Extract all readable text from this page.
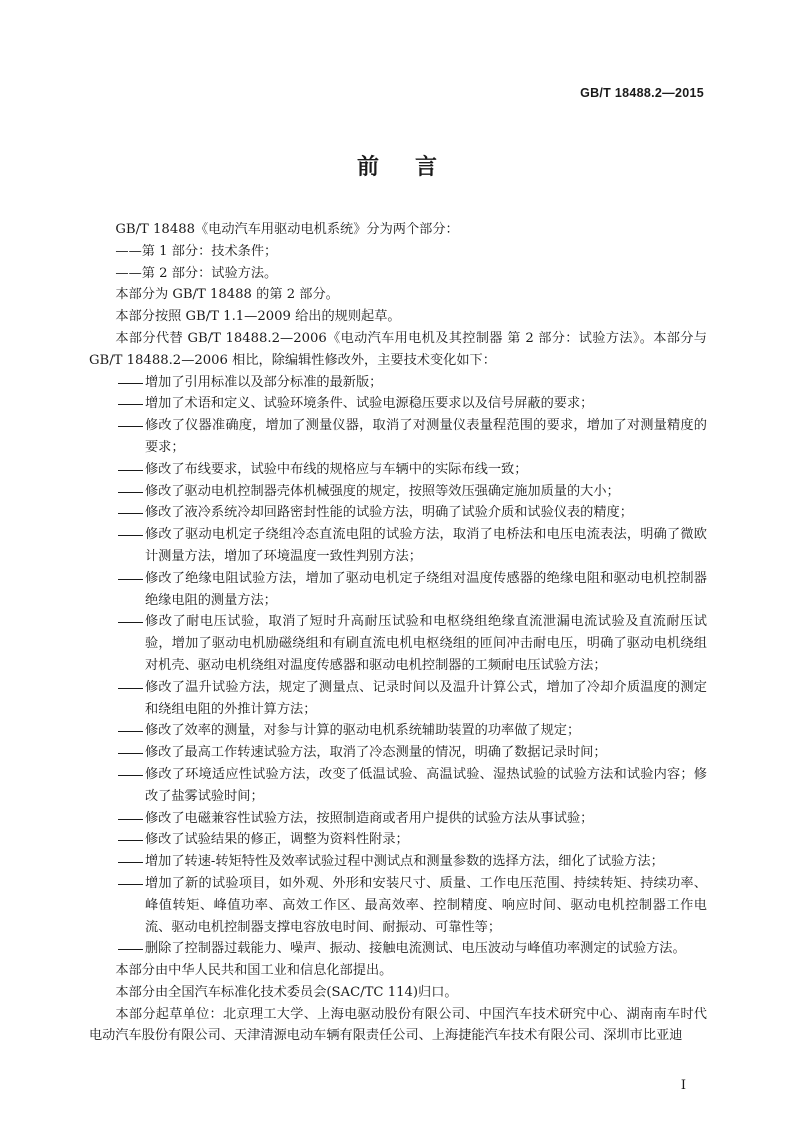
GB/T 18488.2—2015
前言

GB/T 18488《电动汽车用驱动电机系统》分为两个部分：

——第 1 部分：技术条件；

——第 2 部分：试验方法。

本部分为 GB/T 18488 的第 2 部分。

本部分按照 GB/T 1.1—2009 给出的规则起草。

本部分代替 GB/T 18488.2—2006《电动汽车用电机及其控制器 第 2 部分：试验方法》。本部分与GB/T 18488.2—2006 相比，除编辑性修改外，主要技术变化如下：

增加了引用标准以及部分标准的最新版；

增加了术语和定义、试验环境条件、试验电源稳压要求以及信号屏蔽的要求；

修改了仪器准确度，增加了测量仪器，取消了对测量仪表量程范围的要求，增加了对测量精度的要求；

修改了布线要求，试验中布线的规格应与车辆中的实际布线一致；

修改了驱动电机控制器壳体机械强度的规定，按照等效压强确定施加质量的大小；

修改了液冷系统冷却回路密封性能的试验方法，明确了试验介质和试验仪表的精度；

修改了驱动电机定子绕组冷态直流电阻的试验方法，取消了电桥法和电压电流表法，明确了微欧计测量方法，增加了环境温度一致性判别方法；

修改了绝缘电阻试验方法，增加了驱动电机定子绕组对温度传感器的绝缘电阻和驱动电机控制器绝缘电阻的测量方法；

修改了耐电压试验，取消了短时升高耐压试验和电枢绕组绝缘直流泄漏电流试验及直流耐压试验，增加了驱动电机励磁绕组和有刷直流电机电枢绕组的匝间冲击耐电压，明确了驱动电机绕组对机壳、驱动电机绕组对温度传感器和驱动电机控制器的工频耐电压试验方法；

修改了温升试验方法，规定了测量点、记录时间以及温升计算公式，增加了冷却介质温度的测定和绕组电阻的外推计算方法；

修改了效率的测量，对参与计算的驱动电机系统辅助装置的功率做了规定；

修改了最高工作转速试验方法，取消了冷态测量的情况，明确了数据记录时间；

修改了环境适应性试验方法，改变了低温试验、高温试验、湿热试验的试验方法和试验内容；修改了盐雾试验时间；

修改了电磁兼容性试验方法，按照制造商或者用户提供的试验方法从事试验；

修改了试验结果的修正，调整为资料性附录；

增加了转速-转矩特性及效率试验过程中测试点和测量参数的选择方法，细化了试验方法；

增加了新的试验项目，如外观、外形和安装尺寸、质量、工作电压范围、持续转矩、持续功率、峰值转矩、峰值功率、高效工作区、最高效率、控制精度、响应时间、驱动电机控制器工作电流、驱动电机控制器支撑电容放电时间、耐振动、可靠性等；

删除了控制器过载能力、噪声、振动、接触电流测试、电压波动与峰值功率测定的试验方法。

本部分由中华人民共和国工业和信息化部提出。

本部分由全国汽车标准化技术委员会(SAC/TC 114)归口。

本部分起草单位：北京理工大学、上海电驱动股份有限公司、中国汽车技术研究中心、湖南南车时代电动汽车股份有限公司、天津清源电动车辆有限责任公司、上海捷能汽车技术有限公司、深圳市比亚迪

I
